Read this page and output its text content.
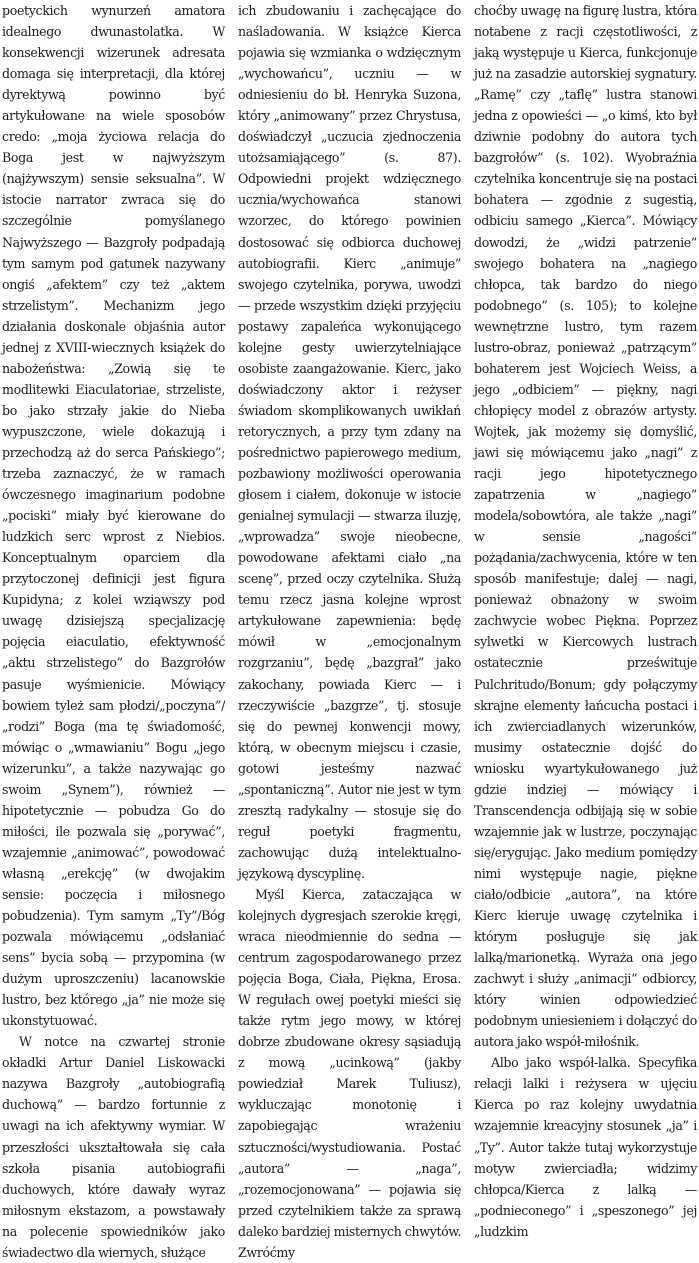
poetyckich wynurzeń amatora idealnego dwunastolatka. W konsekwencji wizerunek adresata domaga się interpretacji, dla której dyrektywą powinno być artykułowane na wiele sposobów credo: „moja życiowa relacja do Boga jest w najwyższym (najżywszym) sensie seksualna”. W istocie narrator zwraca się do szczególnie pomyślanego Najwyższego — Bazgroły podpadają tym samym pod gatunek nazywany ongiś „afektem” czy też „aktem strzelistym”. Mechanizm jego działania doskonale objaśnia autor jednej z XVIII-wiecznych książek do nabożeństwa: „Zowią się te modlitewki Eiaculatoriae, strzeliste, bo jako strzały jakie do Nieba wypuszczone, wiele dokazują i przechodzą aż do serca Pańskiego”; trzeba zaznaczyć, że w ramach ówczesnego imaginarium podobne „pociski” miały być kierowane do ludzkich serc wprost z Niebios. Konceptualnym oparciem dla przytoczonej definicji jest figura Kupidyna; z kolei wziąwszy pod uwagę dzisiejszą specjalizację pojęcia eiaculatio, efektywność „aktu strzelistego” do Bazgrołów pasuje wyśmienicie. Mówiący bowiem tyleż sam płodzi/„poczyna”/„rodzi” Boga (ma tę świadomość, mówiąc o „wmawianiu” Bogu „jego wizerunku”, a także nazywając go swoim „Synem”), również — hipotetycznie — pobudza Go do miłości, ile pozwala się „porywać”, wzajemnie „animować”, powodować własną „erekcję” (w dwojakim sensie: poczęcia i miłosnego pobudzenia). Tym samym „Ty”/Bóg pozwala mówiącemu „odsłaniać sens” bycia sobą — przypomina (w dużym uproszczeniu) lacanowskie lustro, bez którego „ja” nie może się ukonstytuować.

W notce na czwartej stronie okładki Artur Daniel Liskowacki nazywa Bazgroły „autobiografią duchową” — bardzo fortunnie z uwagi na ich afektywny wymiar. W przeszłości ukształtowała się cała szkoła pisania autobiografii duchowych, które dawały wyraz miłosnym ekstazom, a powstawały na polecenie spowiedników jako świadectwo dla wiernych, służące

ich zbudowaniu i zachęcające do naśladowania. W książce Kierca pojawia się wzmianka o wdzięcznym „wychowańcu”, uczniu — w odniesieniu do bł. Henryka Suzona, który „animowany” przez Chrystusa, doświadczył „uczucia zjednoczenia utożsamiającego” (s. 87). Odpowiedni projekt wdzięcznego ucznia/wychowańca stanowi wzorzec, do którego powinien dostosować się odbiorca duchowej autobiografii. Kierc „animuje” swojego czytelnika, porywa, uwodzi — przede wszystkim dzięki przyjęciu postawy zapaleńca wykonującego kolejne gesty uwierzytelniające osobiste zaangażowanie. Kierc, jako doświadczony aktor i reżyser świadom skomplikowanych uwikłań retorycznych, a przy tym zdany na pośrednictwo papierowego medium, pozbawiony możliwości operowania głosem i ciałem, dokonuje w istocie genialnej symulacji — stwarza iluzję, „wprowadza” swoje nieobecne, powodowane afektami ciało „na scenę”, przed oczy czytelnika. Służą temu rzecz jasna kolejne wprost artykułowane zapewnienia: będę mówił w „emocjonalnym rozgrzaniu”, będę „bazgrał” jako zakochany, powiada Kierc — i rzeczywiście „bazgrze”, tj. stosuje się do pewnej konwencji mowy, którą, w obecnym miejscu i czasie, gotowi jesteśmy nazwać „spontaniczną”. Autor nie jest w tym zresztą radykalny — stosuje się do reguł poetyki fragmentu, zachowując dużą intelektualno-językową dyscyplinę.

Myśl Kierca, zataczająca w kolejnych dygresjach szerokie kręgi, wraca nieodmiennie do sedna — centrum zagospodarowanego przez pojęcia Boga, Ciała, Piękna, Erosa. W regułach owej poetyki mieści się także rytm jego mowy, w której dobrze zbudowane okresy sąsiadują z mową „ucinkową” (jakby powiedział Marek Tuliusz), wykluczając monotonię i zapobiegając wrażeniu sztuczności/wystudiowania. Postać „autora” — „naga”, „rozemocjonowana” — pojawia się przed czytelnikiem także za sprawą daleko bardziej misternych chwytów. Zwróćmy

choćby uwagę na figurę lustra, która notabene z racji częstotliwości, z jaką występuje u Kierca, funkcjonuje już na zasadzie autorskiej sygnatury. „Ramę” czy „taflę” lustra stanowi jedna z opowieści — „o kimś, kto był dziwnie podobny do autora tych bazgrołów” (s. 102). Wyobraźnia czytelnika koncentruje się na postaci bohatera — zgodnie z sugestią, odbiciu samego „Kierca”. Mówiący dowodzi, że „widzi patrzenie” swojego bohatera na „nagiego chłopca, tak bardzo do niego podobnego” (s. 105); to kolejne wewnętrzne lustro, tym razem lustro-obraz, ponieważ „patrzącym” bohaterem jest Wojciech Weiss, a jego „odbiciem” — piękny, nagi chłopięcy model z obrazów artysty. Wojtek, jak możemy się domyślić, jawi się mówiącemu jako „nagi” z racji jego hipotetycznego zapatrzenia w „nagiego” modela/sobowtóra, ale także „nagi” w sensie „nagości” pożądania/zachwycenia, które w ten sposób manifestuje; dalej — nagi, ponieważ obnażony w swoim zachwycie wobec Piękna. Poprzez sylwetki w Kiercowych lustrach ostatecznie prześwituje Pulchritudo/Bonum; gdy połączymy skrajne elementy łańcucha postaci i ich zwierciadlanych wizerunków, musimy ostatecznie dojść do wniosku wyartykułowanego już gdzie indziej — mówiący i Transcendencja odbijają się w sobie wzajemnie jak w lustrze, poczynając się/erygując. Jako medium pomiędzy nimi występuje nagie, piękne ciało/odbicie „autora”, na które Kierc kieruje uwagę czytelnika i którym posługuje się jak lalką/marionetką. Wyraża ona jego zachwyt i służy „animacji” odbiorcy, który winien odpowiedzieć podobnym uniesieniem i dołączyć do autora jako współ-miłośnik.

Albo jako współ-lalka. Specyfika relacji lalki i reżysera w ujęciu Kierca po raz kolejny uwydatnia wzajemnie kreacyjny stosunek „ja” i „Ty”. Autor także tutaj wykorzystuje motyw zwierciadła; widzimy chłopca/Kierca z lalką — „podnieconego” i „speszonego” jej „ludzkim
